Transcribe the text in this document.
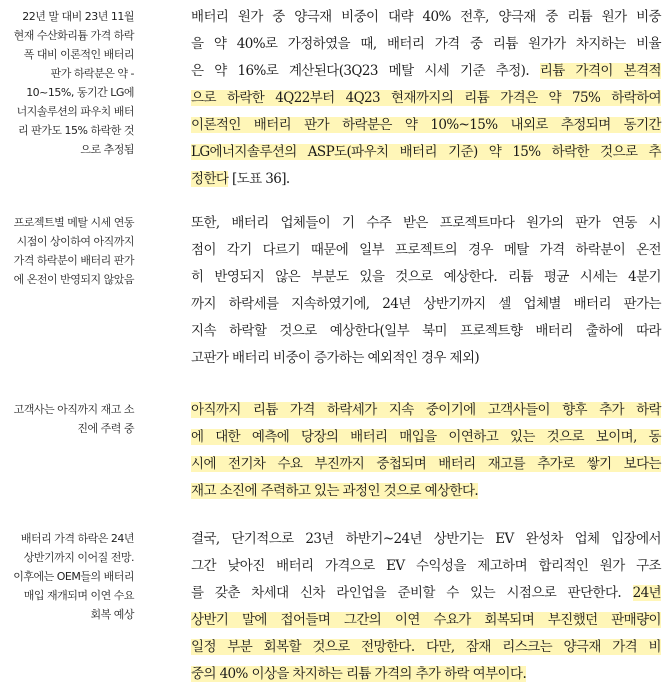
22년 말 대비 23년 11월
현재 수산화리튬 가격 하락
폭 대비 이론적인 배터리
판가 하락분은 약 -
10~15%, 동기간 LG에
너지솔루션의 파우치 배터
리 판가도 15% 하락한 것
으로 추정됨
배터리 원가 중 양극재 비중이 대략 40% 전후, 양극재 중 리튬 원가 비중
을 약 40%로 가정하였을 때, 배터리 가격 중 리튬 원가가 차지하는 비율
은 약 16%로 계산된다(3Q23 메탈 시세 기준 추정). 리튬 가격이 본격적
으로 하락한 4Q22부터 4Q23 현재까지의 리튬 가격은 약 75% 하락하여
이론적인 배터리 판가 하락분은 약 10%~15% 내외로 추정되며 동기간
LG에너지솔루션의 ASP도(파우치 배터리 기준) 약 15% 하락한 것으로 추
정한다 [도표 36].
프로젝트별 메탈 시세 연동
시점이 상이하여 아직까지
가격 하락분이 배터리 판가
에 온전이 반영되지 않았음
또한, 배터리 업체들이 기 수주 받은 프로젝트마다 원가의 판가 연동 시
점이 각기 다르기 때문에 일부 프로젝트의 경우 메탈 가격 하락분이 온전
히 반영되지 않은 부분도 있을 것으로 예상한다. 리튬 평균 시세는 4분기
까지 하락세를 지속하였기에, 24년 상반기까지 셀 업체별 배터리 판가는
지속 하락할 것으로 예상한다(일부 북미 프로젝트향 배터리 출하에 따라
고판가 배터리 비중이 증가하는 예외적인 경우 제외)
고객사는 아직까지 재고 소
진에 주력 중
아직까지 리튬 가격 하락세가 지속 중이기에 고객사들이 향후 추가 하락
에 대한 예측에 당장의 배터리 매입을 이연하고 있는 것으로 보이며, 동
시에 전기차 수요 부진까지 중첩되며 배터리 재고를 추가로 쌓기 보다는
재고 소진에 주력하고 있는 과정인 것으로 예상한다.
배터리 가격 하락은 24년
상반기까지 이어질 전망.
이후에는 OEM들의 배터리
매입 재개되며 이연 수요
회복 예상
결국, 단기적으로 23년 하반기~24년 상반기는 EV 완성차 업체 입장에서
그간 낮아진 배터리 가격으로 EV 수익성을 제고하며 합리적인 원가 구조
를 갖춘 차세대 신차 라인업을 준비할 수 있는 시점으로 판단한다. 24년
상반기 말에 접어들며 그간의 이연 수요가 회복되며 부진했던 판매량이
일정 부분 회복할 것으로 전망한다. 다만, 잠재 리스크는 양극재 가격 비
중의 40% 이상을 차지하는 리튬 가격의 추가 하락 여부이다.
